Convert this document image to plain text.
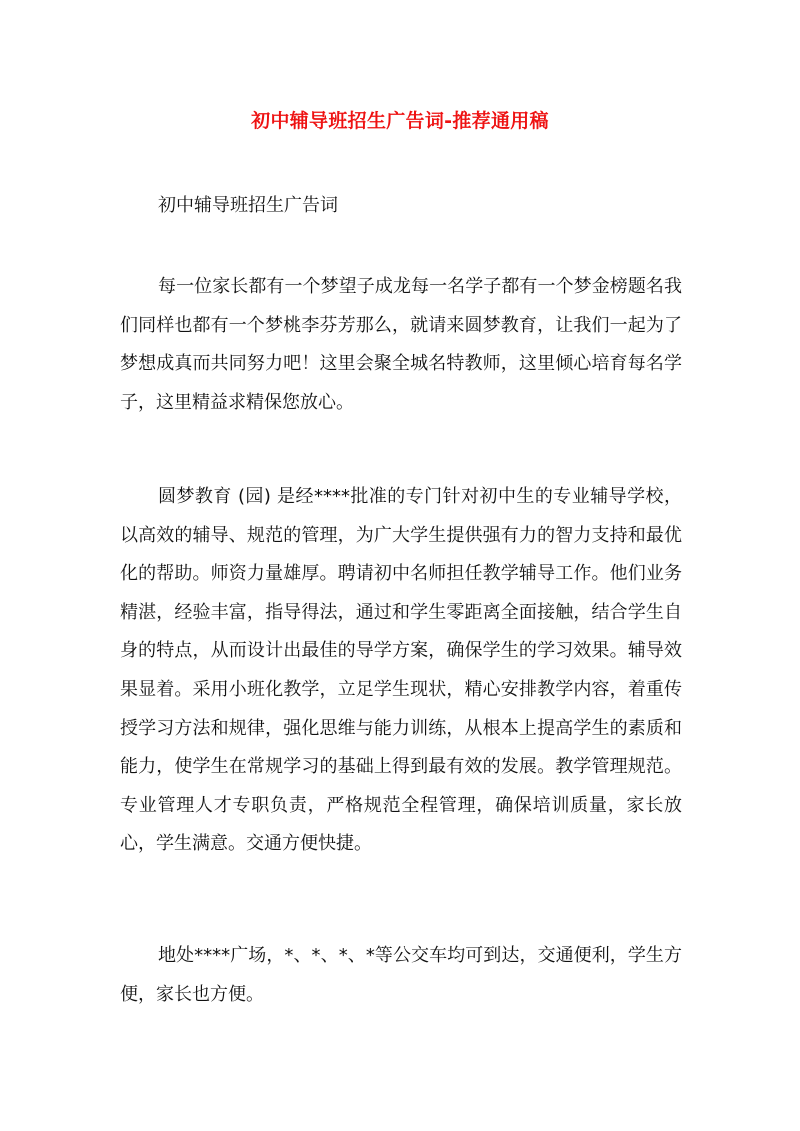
初中辅导班招生广告词-推荐通用稿
初中辅导班招生广告词
每一位家长都有一个梦望子成龙每一名学子都有一个梦金榜题名我们同样也都有一个梦桃李芬芳那么，就请来圆梦教育，让我们一起为了梦想成真而共同努力吧！这里会聚全城名特教师，这里倾心培育每名学子，这里精益求精保您放心。
圆梦教育 (园) 是经****批准的专门针对初中生的专业辅导学校，以高效的辅导、规范的管理，为广大学生提供强有力的智力支持和最优化的帮助。师资力量雄厚。聘请初中名师担任教学辅导工作。他们业务精湛，经验丰富，指导得法，通过和学生零距离全面接触，结合学生自身的特点，从而设计出最佳的导学方案，确保学生的学习效果。辅导效果显着。采用小班化教学，立足学生现状，精心安排教学内容，着重传授学习方法和规律，强化思维与能力训练，从根本上提高学生的素质和能力，使学生在常规学习的基础上得到最有效的发展。教学管理规范。专业管理人才专职负责，严格规范全程管理，确保培训质量，家长放心，学生满意。交通方便快捷。
地处****广场，*、*、*、*等公交车均可到达，交通便利，学生方便，家长也方便。
